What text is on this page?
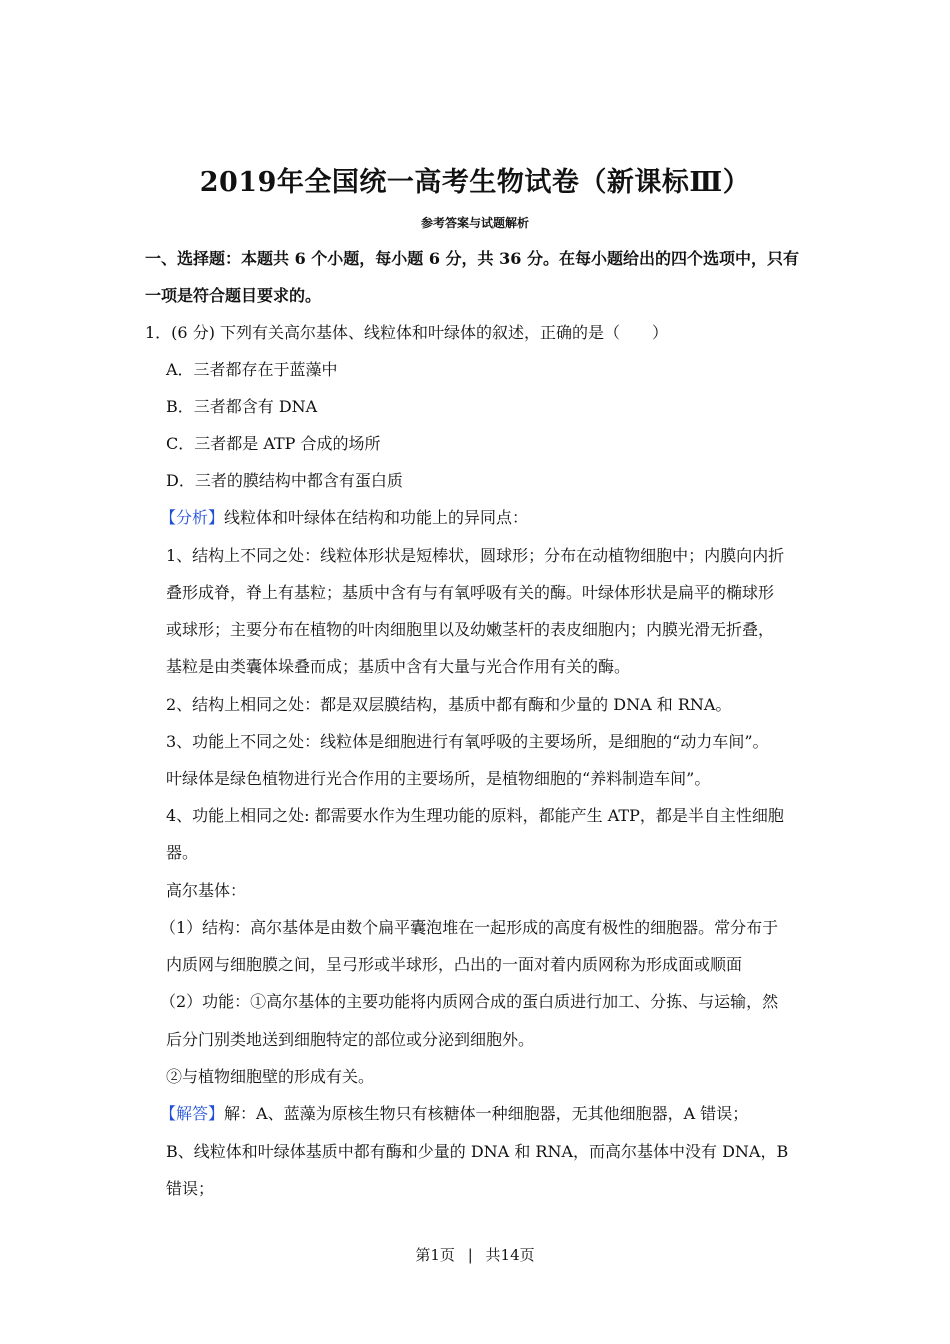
2019年全国统一高考生物试卷（新课标Ⅲ）
参考答案与试题解析
一、选择题：本题共 6 个小题，每小题 6 分，共 36 分。在每小题给出的四个选项中，只有
一项是符合题目要求的。
1．(6 分) 下列有关高尔基体、线粒体和叶绿体的叙述，正确的是（　　）
A．三者都存在于蓝藻中
B．三者都含有 DNA
C．三者都是 ATP 合成的场所
D．三者的膜结构中都含有蛋白质
【分析】线粒体和叶绿体在结构和功能上的异同点：
1、结构上不同之处：线粒体形状是短棒状，圆球形；分布在动植物细胞中；内膜向内折
叠形成脊，脊上有基粒；基质中含有与有氧呼吸有关的酶。叶绿体形状是扁平的椭球形
或球形；主要分布在植物的叶肉细胞里以及幼嫩茎杆的表皮细胞内；内膜光滑无折叠，
基粒是由类囊体垛叠而成；基质中含有大量与光合作用有关的酶。
2、结构上相同之处：都是双层膜结构，基质中都有酶和少量的 DNA 和 RNA。
3、功能上不同之处：线粒体是细胞进行有氧呼吸的主要场所，是细胞的“动力车间”。
叶绿体是绿色植物进行光合作用的主要场所，是植物细胞的“养料制造车间”。
4、功能上相同之处: 都需要水作为生理功能的原料，都能产生 ATP，都是半自主性细胞
器。
高尔基体：
（1）结构：高尔基体是由数个扁平囊泡堆在一起形成的高度有极性的细胞器。常分布于
内质网与细胞膜之间，呈弓形或半球形，凸出的一面对着内质网称为形成面或顺面
（2）功能：①高尔基体的主要功能将内质网合成的蛋白质进行加工、分拣、与运输，然
后分门别类地送到细胞特定的部位或分泌到细胞外。
②与植物细胞壁的形成有关。
【解答】解：A、蓝藻为原核生物只有核糖体一种细胞器，无其他细胞器，A 错误；
B、线粒体和叶绿体基质中都有酶和少量的 DNA 和 RNA，而高尔基体中没有 DNA，B
错误；
第1页 | 共14页
